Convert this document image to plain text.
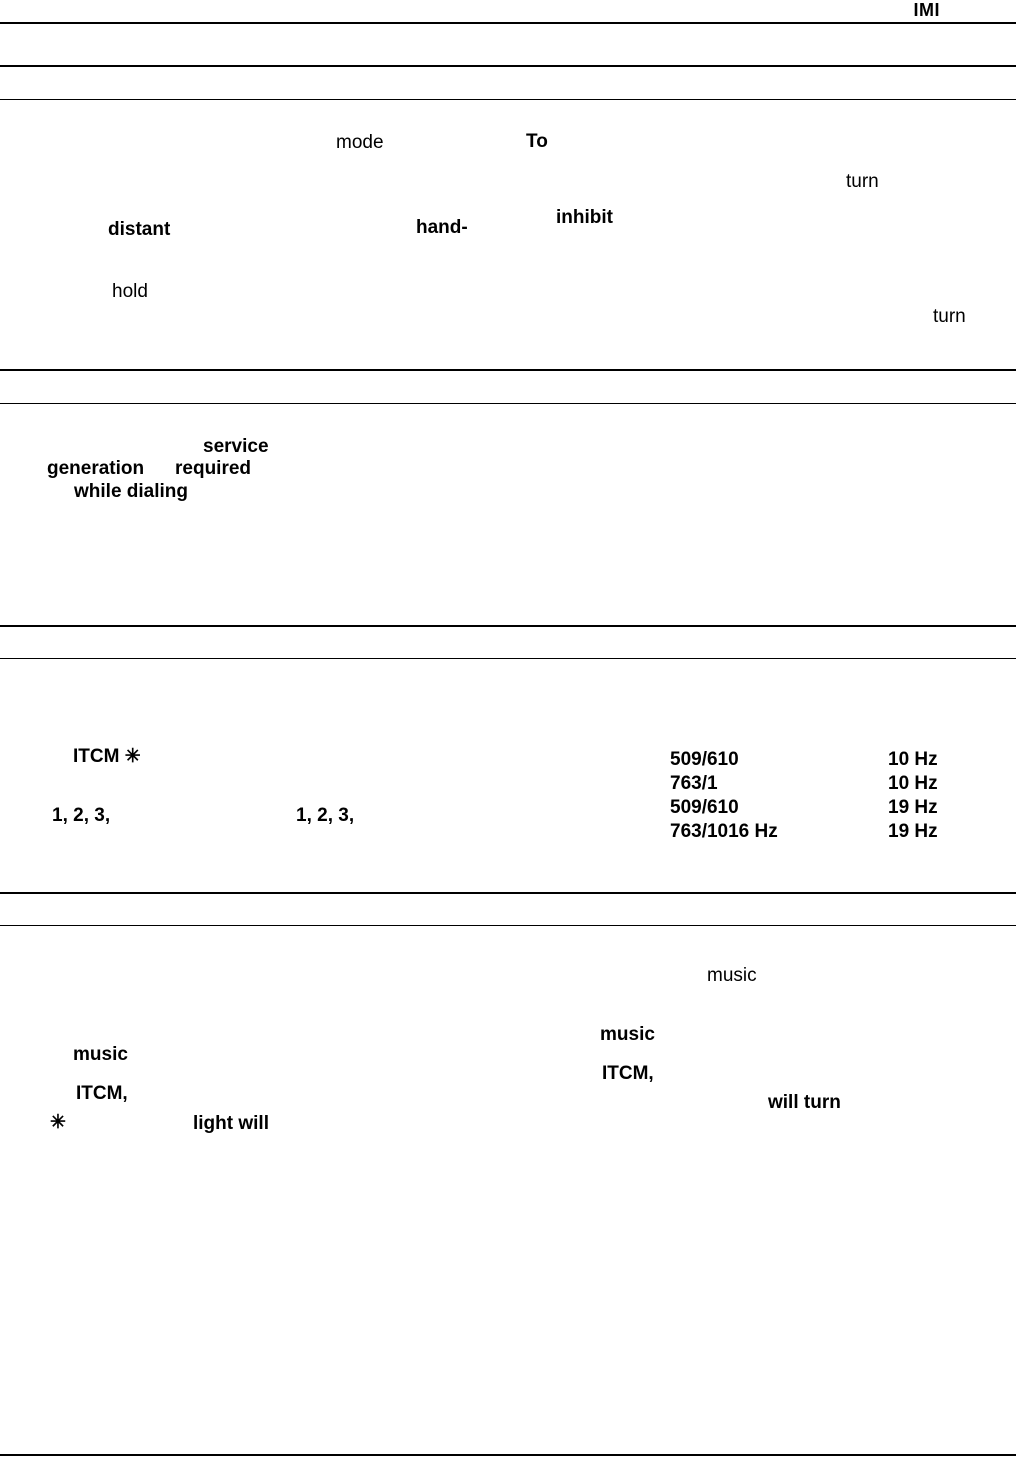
IMI
mode	To
turn
distant	hand-	inhibit
hold
turn
service
generation required
while dialing
ITCM ✳
1, 2, 3,	1, 2, 3,
509/610	10 Hz
763/1	10 Hz
509/610	19 Hz
763/1016 Hz	19 Hz
music
music
music
ITCM,
ITCM,	will turn
✳	light will
